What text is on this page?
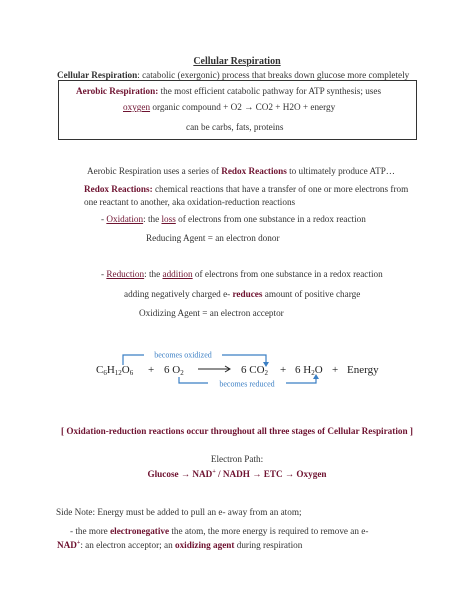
Cellular Respiration
Cellular Respiration: catabolic (exergonic) process that breaks down glucose more completely
Aerobic Respiration: the most efficient catabolic pathway for ATP synthesis; uses
oxygen organic compound + O2 → CO2 + H2O + energy
can be carbs, fats, proteins
Aerobic Respiration uses a series of Redox Reactions to ultimately produce ATP…
Redox Reactions: chemical reactions that have a transfer of one or more electrons from
one reactant to another, aka oxidation-reduction reactions
- Oxidation: the loss of electrons from one substance in a redox reaction
Reducing Agent = an electron donor
- Reduction: the addition of electrons from one substance in a redox reaction
adding negatively charged e- reduces amount of positive charge
Oxidizing Agent = an electron acceptor
becomes oxidized
C6H12O6 + 6 O2	6 CO2 + 6 H2O + Energy
becomes reduced
[ Oxidation-reduction reactions occur throughout all three stages of Cellular Respiration ]
Electron Path:
Glucose → NAD+ / NADH → ETC → Oxygen
Side Note: Energy must be added to pull an e- away from an atom;
- the more electronegative the atom, the more energy is required to remove an e-
NAD+: an electron acceptor; an oxidizing agent during respiration
